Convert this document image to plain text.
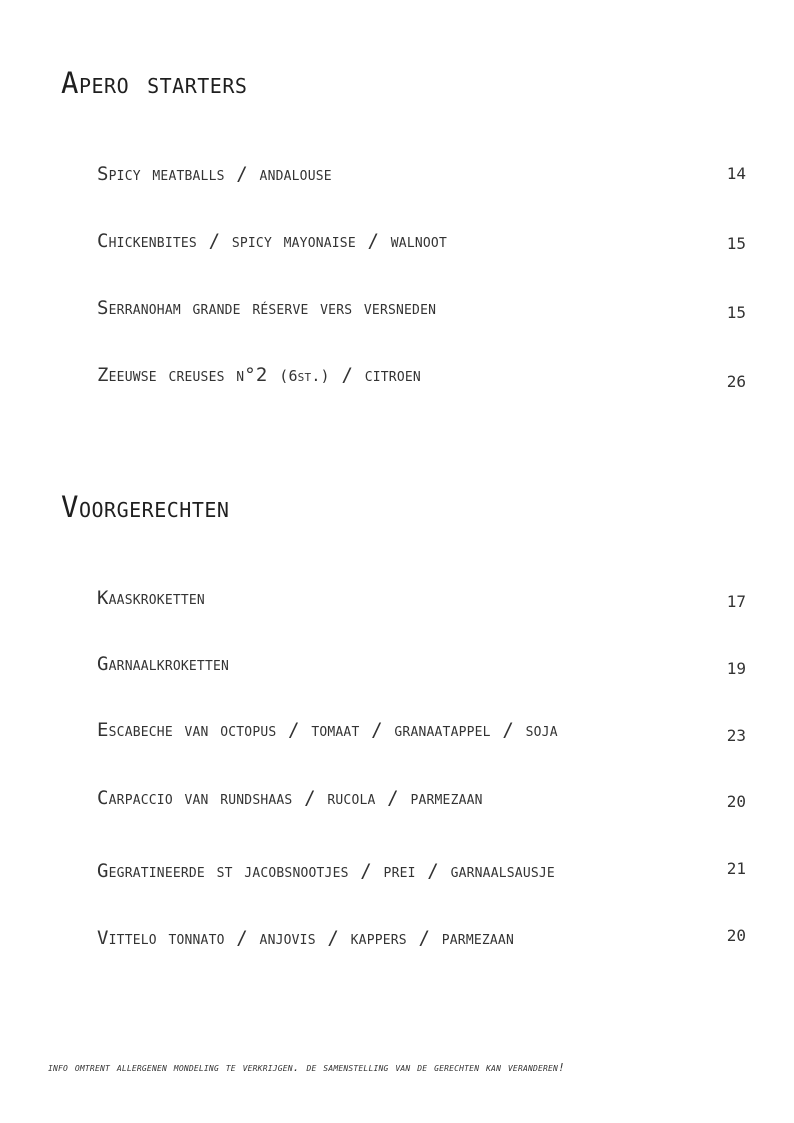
Apero starters
Spicy meatballs / andalouse	14
Chickenbites / spicy mayonaise / walnoot	15
Serranoham grande réserve vers versneden	15
Zeeuwse creuses n°2 (6st.) / citroen	26
Voorgerechten
Kaaskroketten	17
Garnaalkroketten	19
Escabeche van octopus / tomaat / granaatappel / soja	23
Carpaccio van rundshaas / rucola / parmezaan	20
Gegratineerde st jacobsnootjes / prei / garnaalsausje	21
Vittelo tonnato / anjovis / kappers / parmezaan	20
info omtrent allergenen mondeling te verkrijgen. de samenstelling van de gerechten kan veranderen!
